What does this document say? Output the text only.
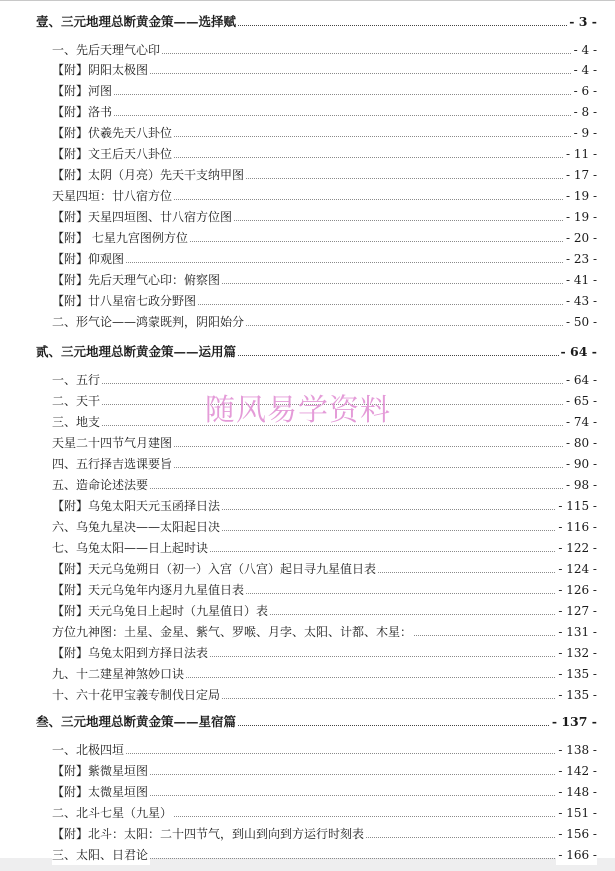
壹、三元地理总断黄金策——选择赋	- 3 -
一、先后天理气心印	- 4 -
【附】阴阳太极图	- 4 -
【附】河图	- 6 -
【附】洛书	- 8 -
【附】伏羲先天八卦位	- 9 -
【附】文王后天八卦位	- 11 -
【附】太阴（月亮）先天干支纳甲图	- 17 -
天星四垣：廿八宿方位	- 19 -
【附】天星四垣图、廿八宿方位图	- 19 -
【附】 七星九宫图例方位	- 20 -
【附】仰观图	- 23 -
【附】先后天理气心印：俯察图	- 41 -
【附】廿八星宿七政分野图	- 43 -
二、形气论——鸿蒙既判，阴阳始分	- 50 -
贰、三元地理总断黄金策——运用篇	- 64 -
一、五行	- 64 -
二、天干	- 65 -
三、地支	- 74 -
天星二十四节气月建图	- 80 -
四、五行择吉选课要旨	- 90 -
五、造命论述法要	- 98 -
【附】乌兔太阳天元玉函择日法	- 115 -
六、乌兔九星决——太阳起日决	- 116 -
七、乌兔太阳——日上起时诀	- 122 -
【附】天元乌兔朔日（初一）入宫（八宫）起日寻九星值日表	- 124 -
【附】天元乌兔年内逐月九星值日表	- 126 -
【附】天元乌兔日上起时（九星值日）表	- 127 -
方位九神图：土星、金星、紫气、罗喉、月孛、太阳、计都、木星：	- 131 -
【附】乌兔太阳到方择日法表	- 132 -
九、十二建星神煞妙口诀	- 135 -
十、六十花甲宝義专制伐日定局	- 135 -
叁、三元地理总断黄金策——星宿篇	- 137 -
一、北极四垣	- 138 -
【附】紫微星垣图	- 142 -
【附】太微星垣图	- 148 -
二、北斗七星（九星）	- 151 -
【附】北斗：太阳：二十四节气，到山到向到方运行时刻表	- 156 -
三、太阳、日君论	- 166 -
随风易学资料
